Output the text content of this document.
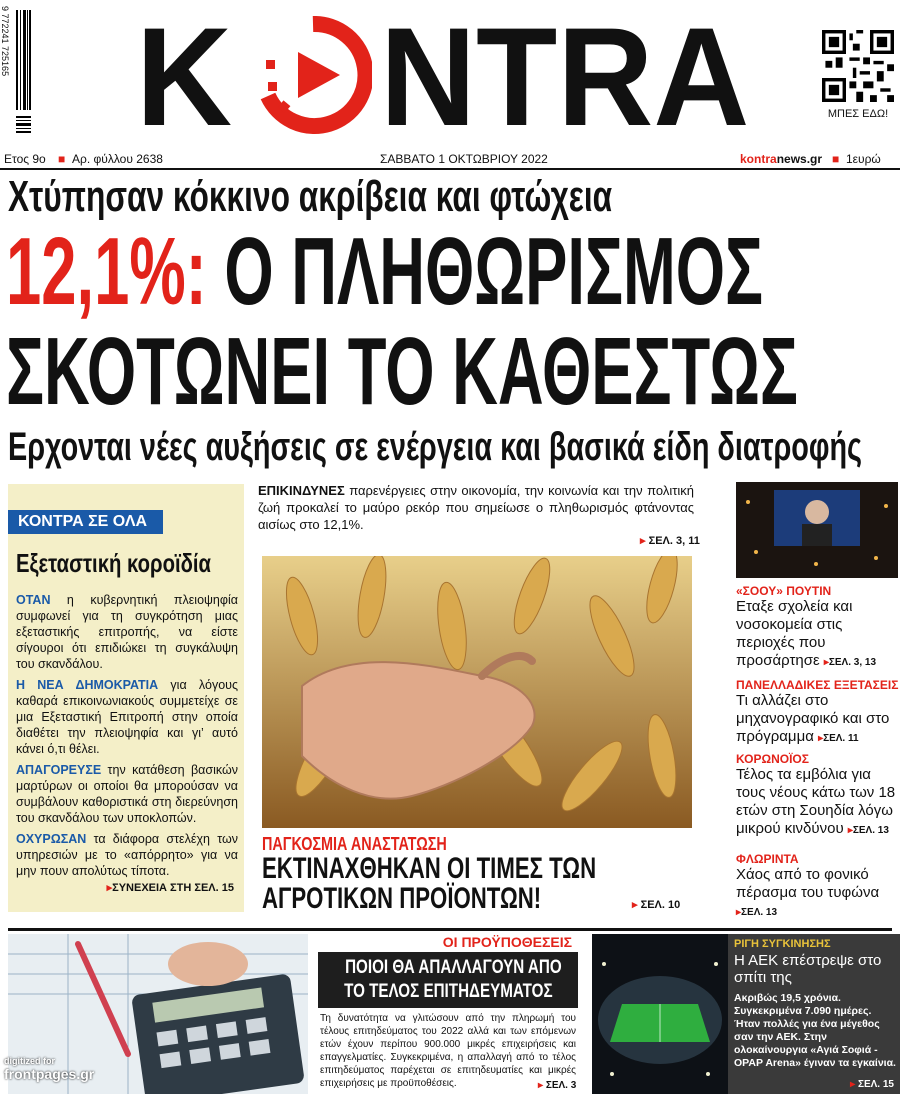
9 772241 725165 K NTRA	ΜΠΕΣ ΕΔΩ!
Ετος 9ο ■ Αρ. φύλλου 2638	ΣΑΒΒΑΤΟ 1 ΟΚΤΩΒΡΙΟΥ 2022	kontranews.gr ■ 1ευρώ
Χτύπησαν κόκκινο ακρίβεια και φτώχεια
12,1%: Ο ΠΛΗΘΩΡΙΣΜΟΣ
ΣΚΟΤΩΝΕΙ ΤΟ ΚΑΘΕΣΤΩΣ
Ερχονται νέες αυξήσεις σε ενέργεια και βασικά είδη διατροφής
ΚΟΝΤΡΑ ΣΕ ΟΛΑ
Εξεταστική κοροϊδία

ΟΤΑΝ η κυβερνητική πλειοψηφία συμφωνεί για τη συγκρότηση μιας εξεταστικής επιτροπής, να είστε σίγουροι ότι επιδιώκει τη συγκάλυψη του σκανδάλου.

Η ΝΕΑ ΔΗΜΟΚΡΑΤΙΑ για λόγους καθαρά επικοινωνιακούς συμμετείχε σε μια Εξεταστική Επιτροπή στην οποία διαθέτει την πλειοψηφία και γι’ αυτό κάνει ό,τι θέλει.

ΑΠΑΓΟΡΕΥΣΕ την κατάθεση βασικών μαρτύρων οι οποίοι θα μπορούσαν να συμβάλουν καθοριστικά στη διερεύνηση του σκανδάλου των υποκλοπών.

ΟΧΥΡΩΣΑΝ τα διάφορα στελέχη των υπηρεσιών με το «απόρρητο» για να μην πουν απολύτως τίποτα.

▸ΣΥΝΕΧΕΙΑ ΣΤΗ ΣΕΛ. 15
ΕΠΙΚΙΝΔΥΝΕΣ παρενέργειες στην οικονομία, την κοινωνία και την πολιτική ζωή προκαλεί το μαύρο ρεκόρ που σημείωσε ο πληθωρισμός φτάνοντας αισίως στο 12,1%.
▸ ΣΕΛ. 3, 11
ΠΑΓΚΟΣΜΙΑ ΑΝΑΣΤΑΤΩΣΗ
ΕΚΤΙΝΑΧΘΗΚΑΝ ΟΙ ΤΙΜΕΣ ΤΩΝ
ΑΓΡΟΤΙΚΩΝ ΠΡΟΪΟΝΤΩΝ!	▸ ΣΕΛ. 10
«ΣΟΟΥ» ΠΟΥΤΙΝ
Εταξε σχολεία και νοσοκομεία στις περιοχές που προσάρτησε ▸ΣΕΛ. 3, 13
ΠΑΝΕΛΛΑΔΙΚΕΣ ΕΞΕΤΑΣΕΙΣ
Τι αλλάζει στο μηχανογραφικό και στο πρόγραμμα ▸ΣΕΛ. 11
ΚΟΡΩΝΟΪΟΣ
Τέλος τα εμβόλια για τους νέους κάτω των 18 ετών στη Σουηδία λόγω μικρού κινδύνου ▸ΣΕΛ. 13
ΦΛΩΡΙΝΤΑ
Χάος από το φονικό πέρασμα του τυφώνα ▸ΣΕΛ. 13
ΟΙ ΠΡΟΫΠΟΘΕΣΕΙΣ
ΠΟΙΟΙ ΘΑ ΑΠΑΛΛΑΓΟΥΝ ΑΠΟ
ΤΟ ΤΕΛΟΣ ΕΠΙΤΗΔΕΥΜΑΤΟΣ
Τη δυνατότητα να γλιτώσουν από την πληρωμή του τέλους επιτηδεύματος του 2022 αλλά και των επόμενων ετών έχουν περίπου 900.000 μικρές επιχειρήσεις και επαγγελματίες. Συγκεκριμένα, η απαλλαγή από το τέλος επιτηδεύματος παρέχεται σε επιτηδευματίες και μικρές επιχειρήσεις με προϋποθέσεις.	▸ ΣΕΛ. 3
ΡΙΓΗ ΣΥΓΚΙΝΗΣΗΣ
Η ΑΕΚ επέστρεψε στο σπίτι της
Ακριβώς 19,5 χρόνια. Συγκεκριμένα 7.090 ημέρες. Ήταν πολλές για ένα μέγεθος σαν την ΑΕΚ. Στην ολοκαίνουργια «Αγιά Σοφιά - OPAP Arena» έγιναν τα εγκαίνια.
▸ ΣΕΛ. 15
digitized for
frontpages.gr
